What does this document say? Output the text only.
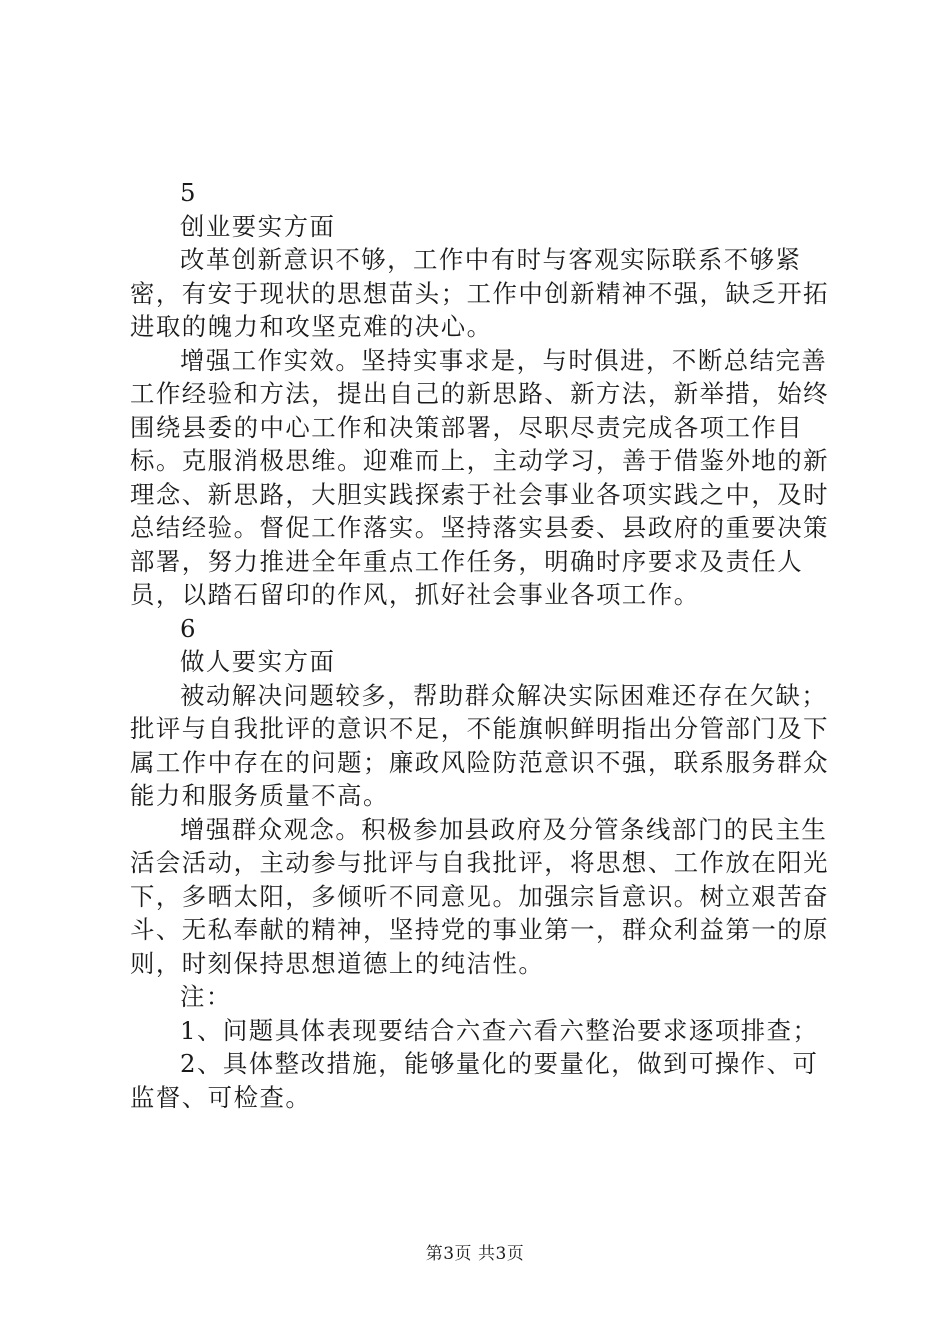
5

创业要实方面

改革创新意识不够，工作中有时与客观实际联系不够紧密，有安于现状的思想苗头；工作中创新精神不强，缺乏开拓进取的魄力和攻坚克难的决心。

增强工作实效。坚持实事求是，与时俱进，不断总结完善工作经验和方法，提出自己的新思路、新方法，新举措，始终围绕县委的中心工作和决策部署，尽职尽责完成各项工作目标。克服消极思维。迎难而上，主动学习，善于借鉴外地的新理念、新思路，大胆实践探索于社会事业各项实践之中，及时总结经验。督促工作落实。坚持落实县委、县政府的重要决策部署，努力推进全年重点工作任务，明确时序要求及责任人员，以踏石留印的作风，抓好社会事业各项工作。

6

做人要实方面

被动解决问题较多，帮助群众解决实际困难还存在欠缺；批评与自我批评的意识不足，不能旗帜鲜明指出分管部门及下属工作中存在的问题；廉政风险防范意识不强，联系服务群众能力和服务质量不高。

增强群众观念。积极参加县政府及分管条线部门的民主生活会活动，主动参与批评与自我批评，将思想、工作放在阳光下，多晒太阳，多倾听不同意见。加强宗旨意识。树立艰苦奋斗、无私奉献的精神，坚持党的事业第一，群众利益第一的原则，时刻保持思想道德上的纯洁性。

注：

1、问题具体表现要结合六查六看六整治要求逐项排查；

2、具体整改措施，能够量化的要量化，做到可操作、可监督、可检查。

第3页 共3页
